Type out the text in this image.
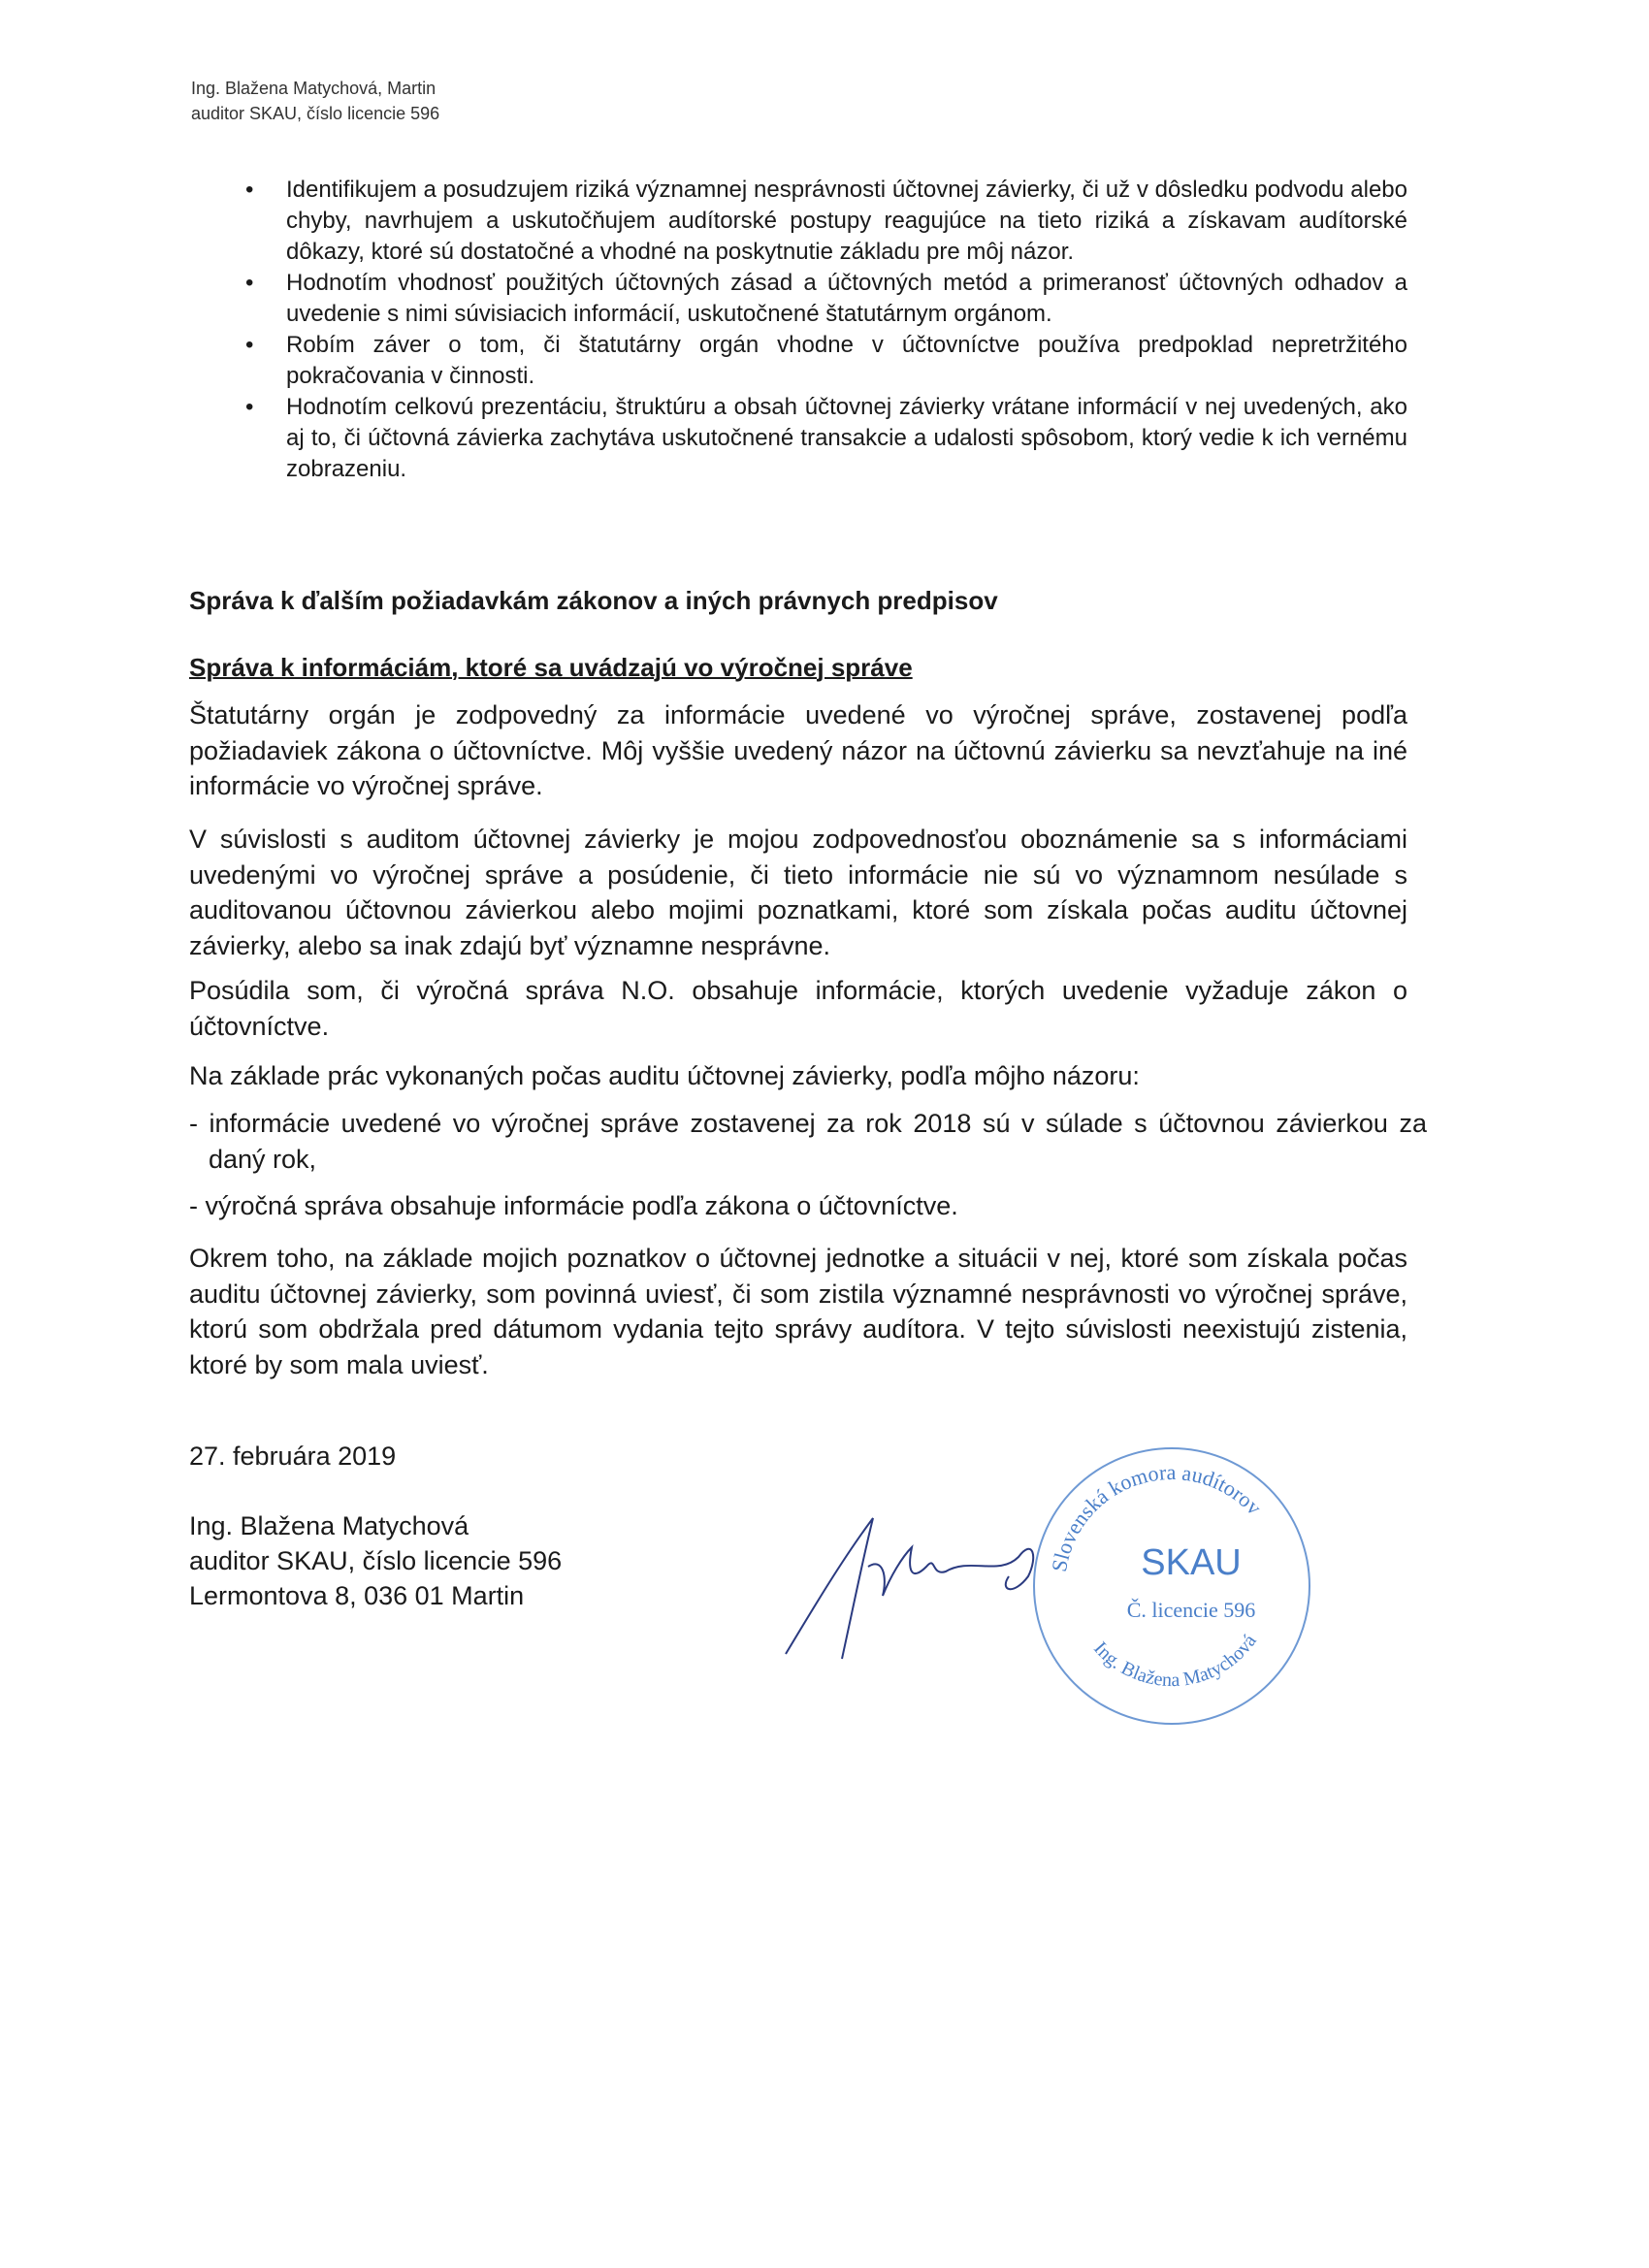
Ing. Blažena Matychová, Martin
auditor SKAU, číslo licencie 596
• Identifikujem a posudzujem riziká významnej nesprávnosti účtovnej závierky, či už v dôsledku podvodu alebo chyby, navrhujem a uskutočňujem audítorské postupy reagujúce na tieto riziká a získavam audítorské dôkazy, ktoré sú dostatočné a vhodné na poskytnutie základu pre môj názor.
• Hodnotím vhodnosť použitých účtovných zásad a účtovných metód a primeranosť účtovných odhadov a uvedenie s nimi súvisiacich informácií, uskutočnené štatutárnym orgánom.
• Robím záver o tom, či štatutárny orgán vhodne v účtovníctve používa predpoklad nepretržitého pokračovania v činnosti.
• Hodnotím celkovú prezentáciu, štruktúru a obsah účtovnej závierky vrátane informácií v nej uvedených, ako aj to, či účtovná závierka zachytáva uskutočnené transakcie a udalosti spôsobom, ktorý vedie k ich vernému zobrazeniu.
Správa k ďalším požiadavkám zákonov a iných právnych predpisov
Správa k informáciám, ktoré sa uvádzajú vo výročnej správe
Štatutárny orgán je zodpovedný za informácie uvedené vo výročnej správe, zostavenej podľa požiadaviek zákona o účtovníctve. Môj vyššie uvedený názor na účtovnú závierku sa nevzťahuje na iné informácie vo výročnej správe.
V súvislosti s auditom účtovnej závierky je mojou zodpovednosťou oboznámenie sa s informáciami uvedenými vo výročnej správe a posúdenie, či tieto informácie nie sú vo významnom nesúlade s auditovanou účtovnou závierkou alebo mojimi poznatkami, ktoré som získala počas auditu účtovnej závierky, alebo sa inak zdajú byť významne nesprávne.
Posúdila som, či výročná správa N.O. obsahuje informácie, ktorých uvedenie vyžaduje zákon o účtovníctve.
Na základe prác vykonaných počas auditu účtovnej závierky, podľa môjho názoru:
- informácie uvedené vo výročnej správe zostavenej za rok 2018 sú v súlade s účtovnou závierkou za daný rok,
- výročná správa obsahuje informácie podľa zákona o účtovníctve.
Okrem toho, na základe mojich poznatkov o účtovnej jednotke a situácii v nej, ktoré som získala počas auditu účtovnej závierky, som povinná uviesť, či som zistila významné nesprávnosti vo výročnej správe, ktorú som obdržala pred dátumom vydania tejto správy audítora. V tejto súvislosti neexistujú zistenia, ktoré by som mala uviesť.
27. februára 2019
Ing. Blažena Matychová
auditor SKAU, číslo licencie 596
Lermontova 8, 036 01 Martin
Slovenská komora audítorov
Ing. Blažena Matychová
SKAU
Č. licencie 596
